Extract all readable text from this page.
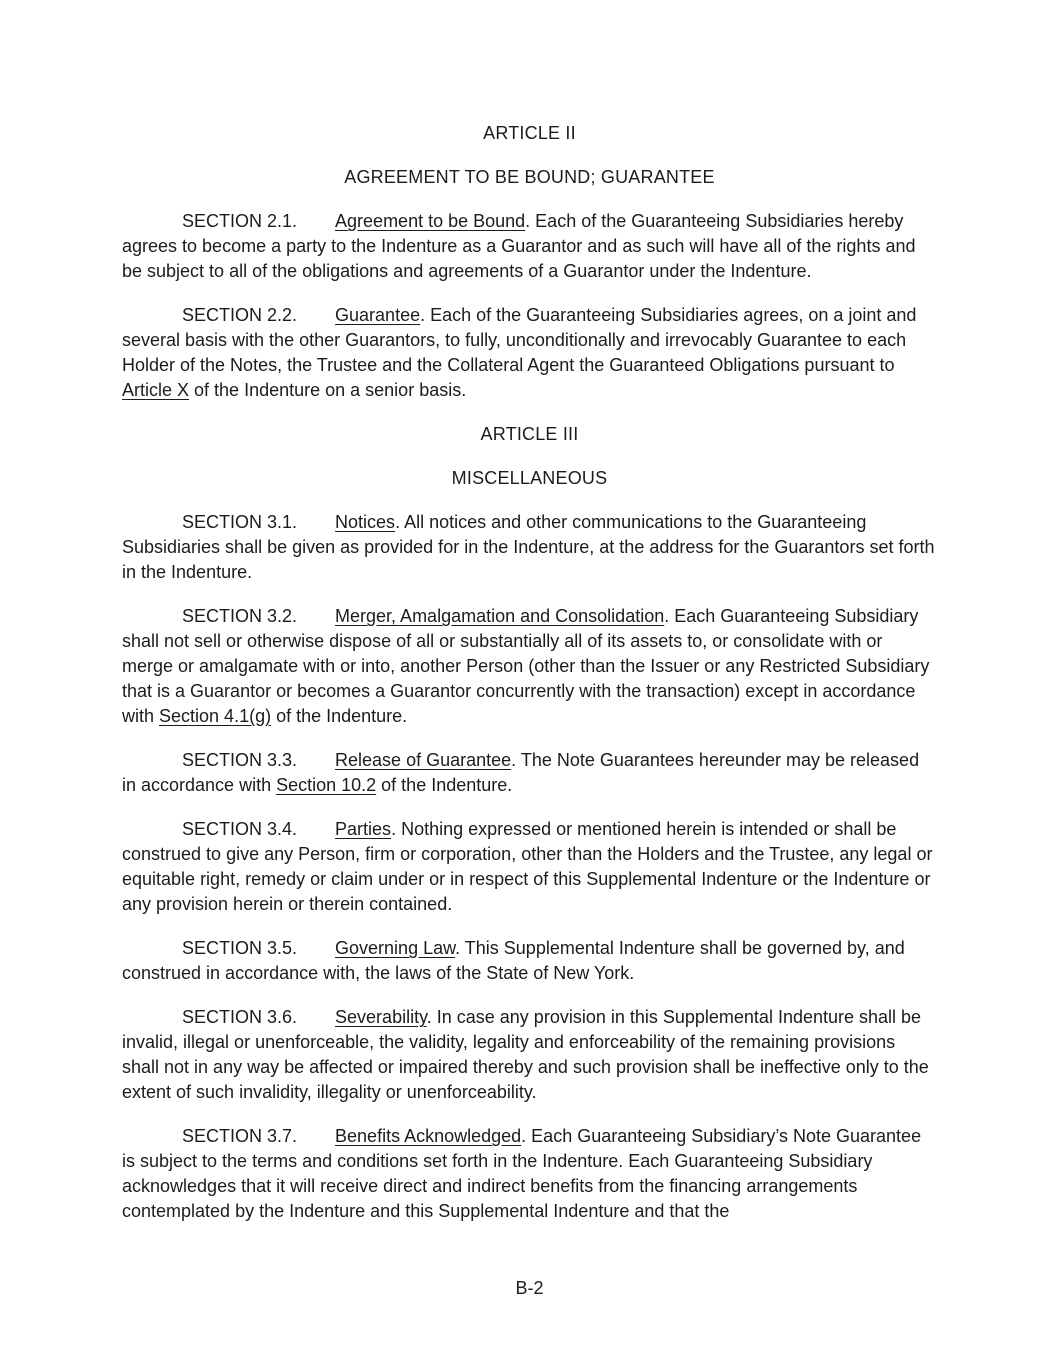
ARTICLE II
AGREEMENT TO BE BOUND; GUARANTEE

SECTION 2.1. Agreement to be Bound. Each of the Guaranteeing Subsidiaries hereby agrees to become a party to the Indenture as a Guarantor and as such will have all of the rights and be subject to all of the obligations and agreements of a Guarantor under the Indenture.

SECTION 2.2. Guarantee. Each of the Guaranteeing Subsidiaries agrees, on a joint and several basis with the other Guarantors, to fully, unconditionally and irrevocably Guarantee to each Holder of the Notes, the Trustee and the Collateral Agent the Guaranteed Obligations pursuant to Article X of the Indenture on a senior basis.

ARTICLE III
MISCELLANEOUS

SECTION 3.1. Notices. All notices and other communications to the Guaranteeing Subsidiaries shall be given as provided for in the Indenture, at the address for the Guarantors set forth in the Indenture.

SECTION 3.2. Merger, Amalgamation and Consolidation. Each Guaranteeing Subsidiary shall not sell or otherwise dispose of all or substantially all of its assets to, or consolidate with or merge or amalgamate with or into, another Person (other than the Issuer or any Restricted Subsidiary that is a Guarantor or becomes a Guarantor concurrently with the transaction) except in accordance with Section 4.1(g) of the Indenture.

SECTION 3.3. Release of Guarantee. The Note Guarantees hereunder may be released in accordance with Section 10.2 of the Indenture.

SECTION 3.4. Parties. Nothing expressed or mentioned herein is intended or shall be construed to give any Person, firm or corporation, other than the Holders and the Trustee, any legal or equitable right, remedy or claim under or in respect of this Supplemental Indenture or the Indenture or any provision herein or therein contained.

SECTION 3.5. Governing Law. This Supplemental Indenture shall be governed by, and construed in accordance with, the laws of the State of New York.

SECTION 3.6. Severability. In case any provision in this Supplemental Indenture shall be invalid, illegal or unenforceable, the validity, legality and enforceability of the remaining provisions shall not in any way be affected or impaired thereby and such provision shall be ineffective only to the extent of such invalidity, illegality or unenforceability.

SECTION 3.7. Benefits Acknowledged. Each Guaranteeing Subsidiary’s Note Guarantee is subject to the terms and conditions set forth in the Indenture. Each Guaranteeing Subsidiary acknowledges that it will receive direct and indirect benefits from the financing arrangements contemplated by the Indenture and this Supplemental Indenture and that the

B-2
